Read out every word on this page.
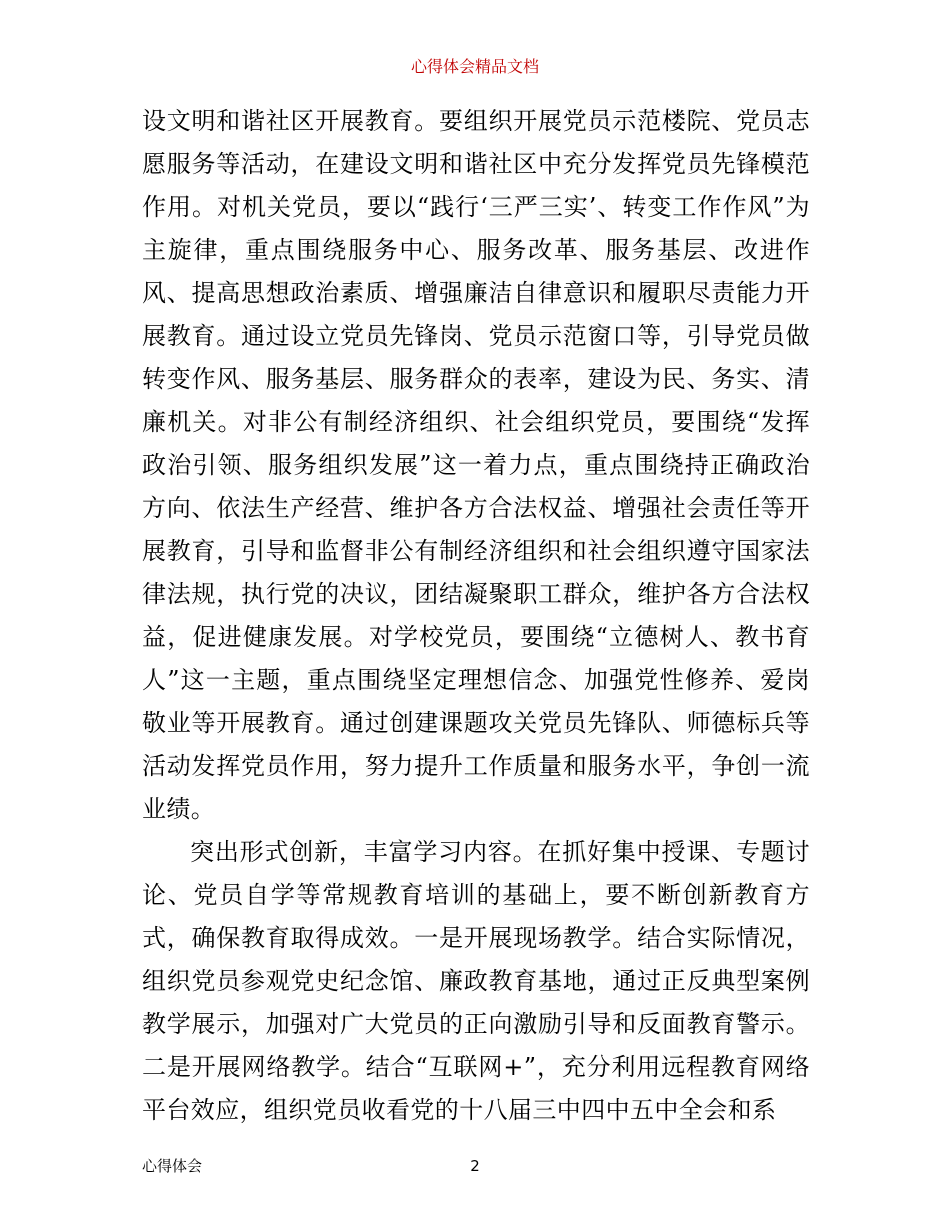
心得体会精品文档

设文明和谐社区开展教育。要组织开展党员示范楼院、党员志愿服务等活动，在建设文明和谐社区中充分发挥党员先锋模范作用。对机关党员，要以“践行‘三严三实’、转变工作作风”为主旋律，重点围绕服务中心、服务改革、服务基层、改进作风、提高思想政治素质、增强廉洁自律意识和履职尽责能力开展教育。通过设立党员先锋岗、党员示范窗口等，引导党员做转变作风、服务基层、服务群众的表率，建设为民、务实、清廉机关。对非公有制经济组织、社会组织党员，要围绕“发挥政治引领、服务组织发展”这一着力点，重点围绕持正确政治方向、依法生产经营、维护各方合法权益、增强社会责任等开展教育，引导和监督非公有制经济组织和社会组织遵守国家法律法规，执行党的决议，团结凝聚职工群众，维护各方合法权益，促进健康发展。对学校党员，要围绕“立德树人、教书育人”这一主题，重点围绕坚定理想信念、加强党性修养、爱岗敬业等开展教育。通过创建课题攻关党员先锋队、师德标兵等活动发挥党员作用，努力提升工作质量和服务水平，争创一流业绩。

突出形式创新，丰富学习内容。在抓好集中授课、专题讨论、党员自学等常规教育培训的基础上，要不断创新教育方式，确保教育取得成效。一是开展现场教学。结合实际情况，组织党员参观党史纪念馆、廉政教育基地，通过正反典型案例教学展示，加强对广大党员的正向激励引导和反面教育警示。二是开展网络教学。结合“互联网+”，充分利用远程教育网络平台效应，组织党员收看党的十八届三中四中五中全会和系

心得体会	2
